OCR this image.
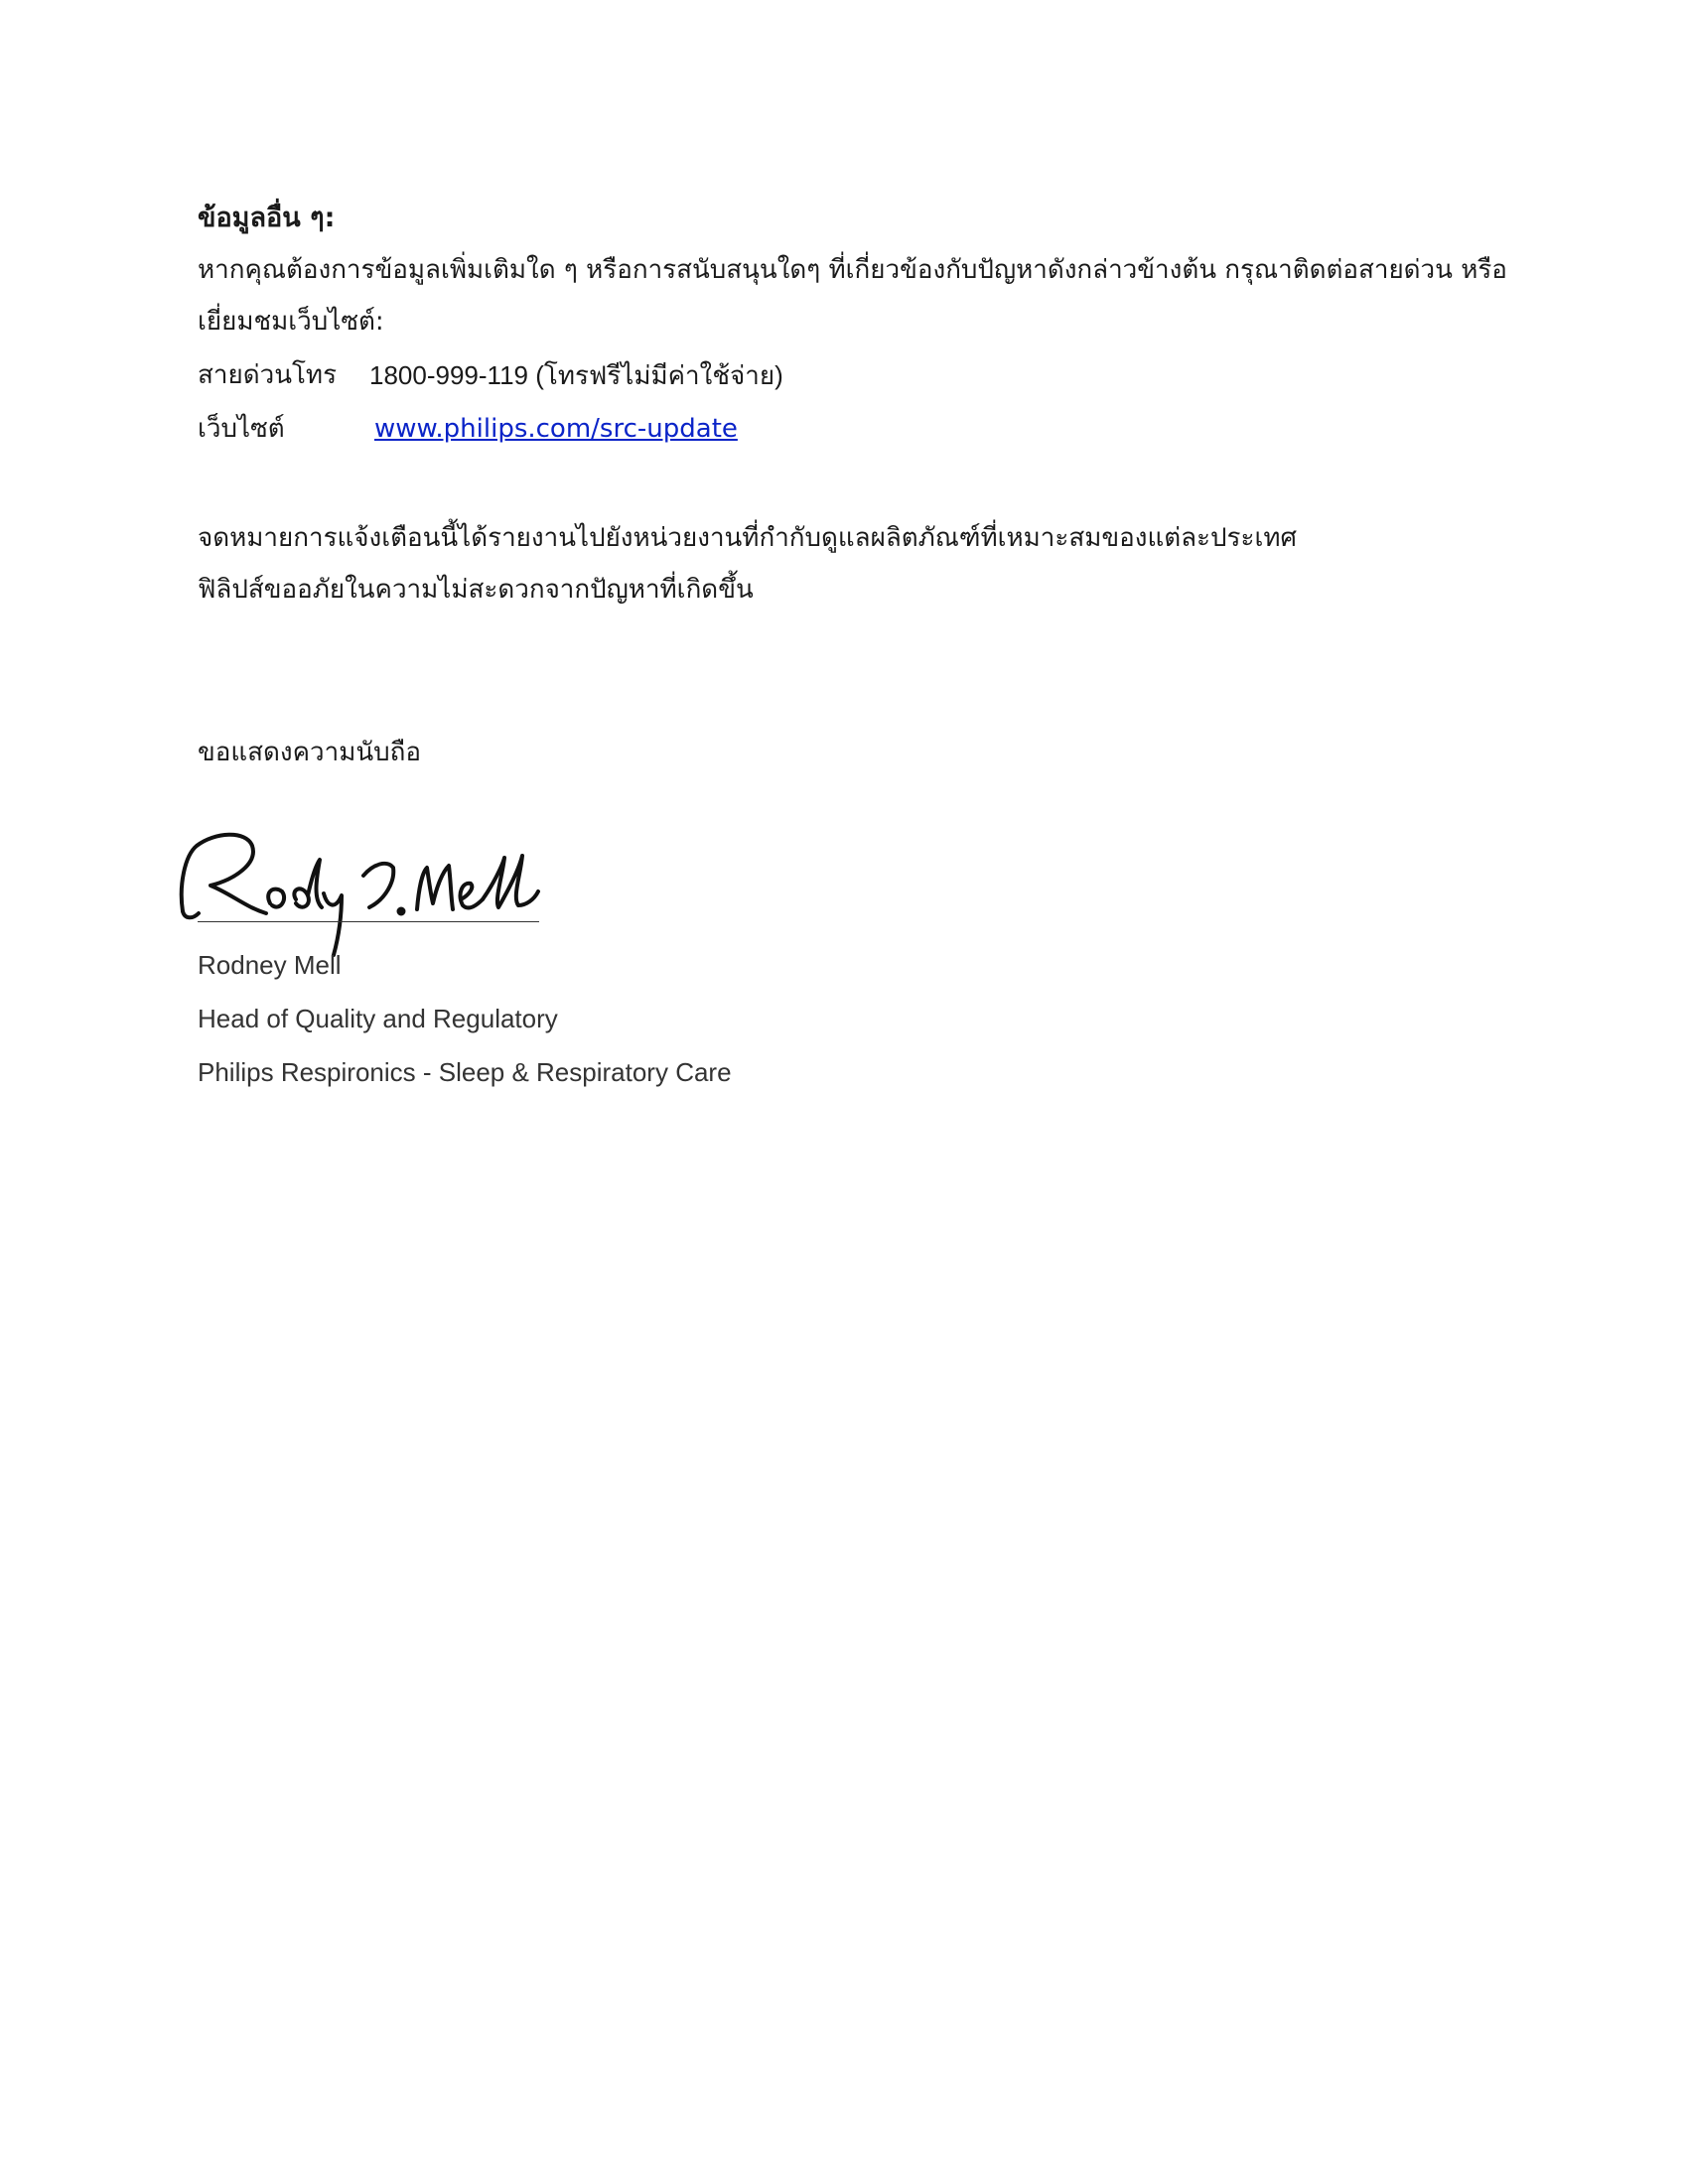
ข้อมูลอื่น ๆ:
หากคุณต้องการข้อมูลเพิ่มเติมใด ๆ หรือการสนับสนุนใดๆ ที่เกี่ยวข้องกับปัญหาดังกล่าวข้างต้น กรุณาติดต่อสายด่วน หรือ
เยี่ยมชมเว็บไซต์:
สายด่วนโทร 1800-999-119 (โทรฟรีไม่มีค่าใช้จ่าย)
เว็บไซต์	www.philips.com/src-update
จดหมายการแจ้งเตือนนี้ได้รายงานไปยังหน่วยงานที่กำกับดูแลผลิตภัณฑ์ที่เหมาะสมของแต่ละประเทศ
ฟิลิปส์ขออภัยในความไม่สะดวกจากปัญหาที่เกิดขึ้น
ขอแสดงความนับถือ
Rodney Mell
Head of Quality and Regulatory
Philips Respironics - Sleep & Respiratory Care
